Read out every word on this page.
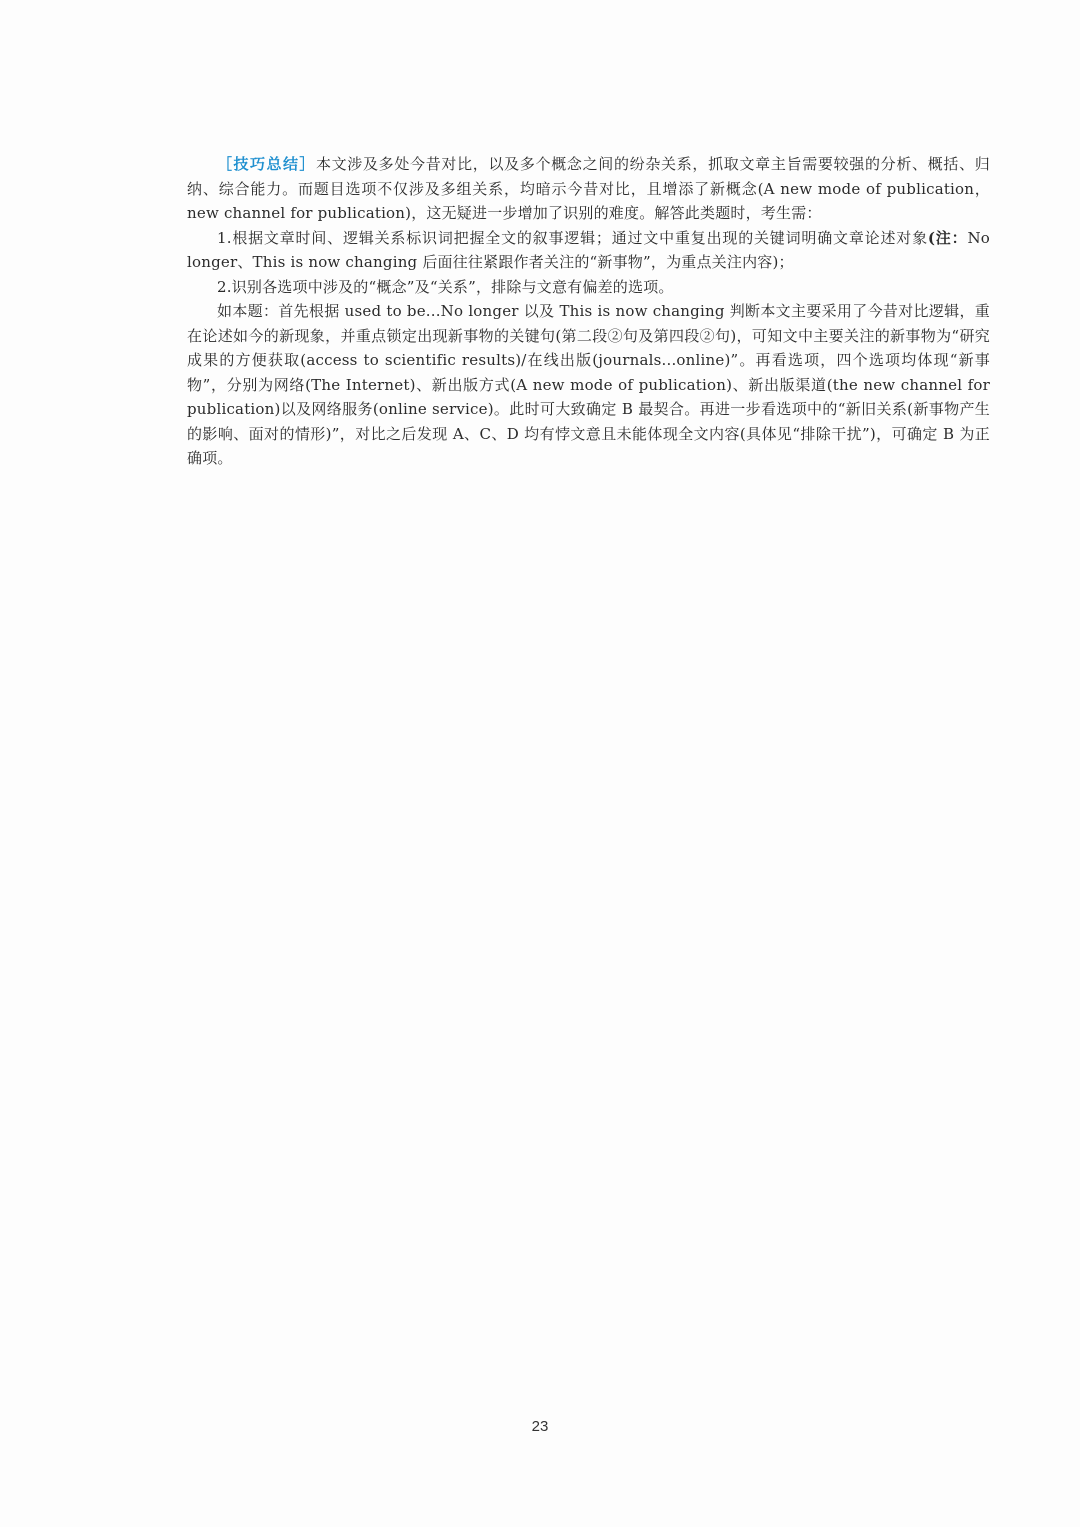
［技巧总结］本文涉及多处今昔对比，以及多个概念之间的纷杂关系，抓取文章主旨需要较强的分析、概括、归纳、综合能力。而题目选项不仅涉及多组关系，均暗示今昔对比，且增添了新概念(A new mode of publication，new channel for publication)，这无疑进一步增加了识别的难度。解答此类题时，考生需：

1.根据文章时间、逻辑关系标识词把握全文的叙事逻辑；通过文中重复出现的关键词明确文章论述对象(注：No longer、This is now changing 后面往往紧跟作者关注的“新事物”，为重点关注内容)；

2.识别各选项中涉及的“概念”及“关系”，排除与文意有偏差的选项。

如本题：首先根据 used to be...No longer 以及 This is now changing 判断本文主要采用了今昔对比逻辑，重在论述如今的新现象，并重点锁定出现新事物的关键句(第二段②句及第四段②句)，可知文中主要关注的新事物为“研究成果的方便获取(access to scientific results)/在线出版(journals...online)”。再看选项，四个选项均体现“新事物”，分别为网络(The Internet)、新出版方式(A new mode of publication)、新出版渠道(the new channel for publication)以及网络服务(online service)。此时可大致确定 B 最契合。再进一步看选项中的“新旧关系(新事物产生的影响、面对的情形)”，对比之后发现 A、C、D 均有悖文意且未能体现全文内容(具体见“排除干扰”)，可确定 B 为正确项。

23
